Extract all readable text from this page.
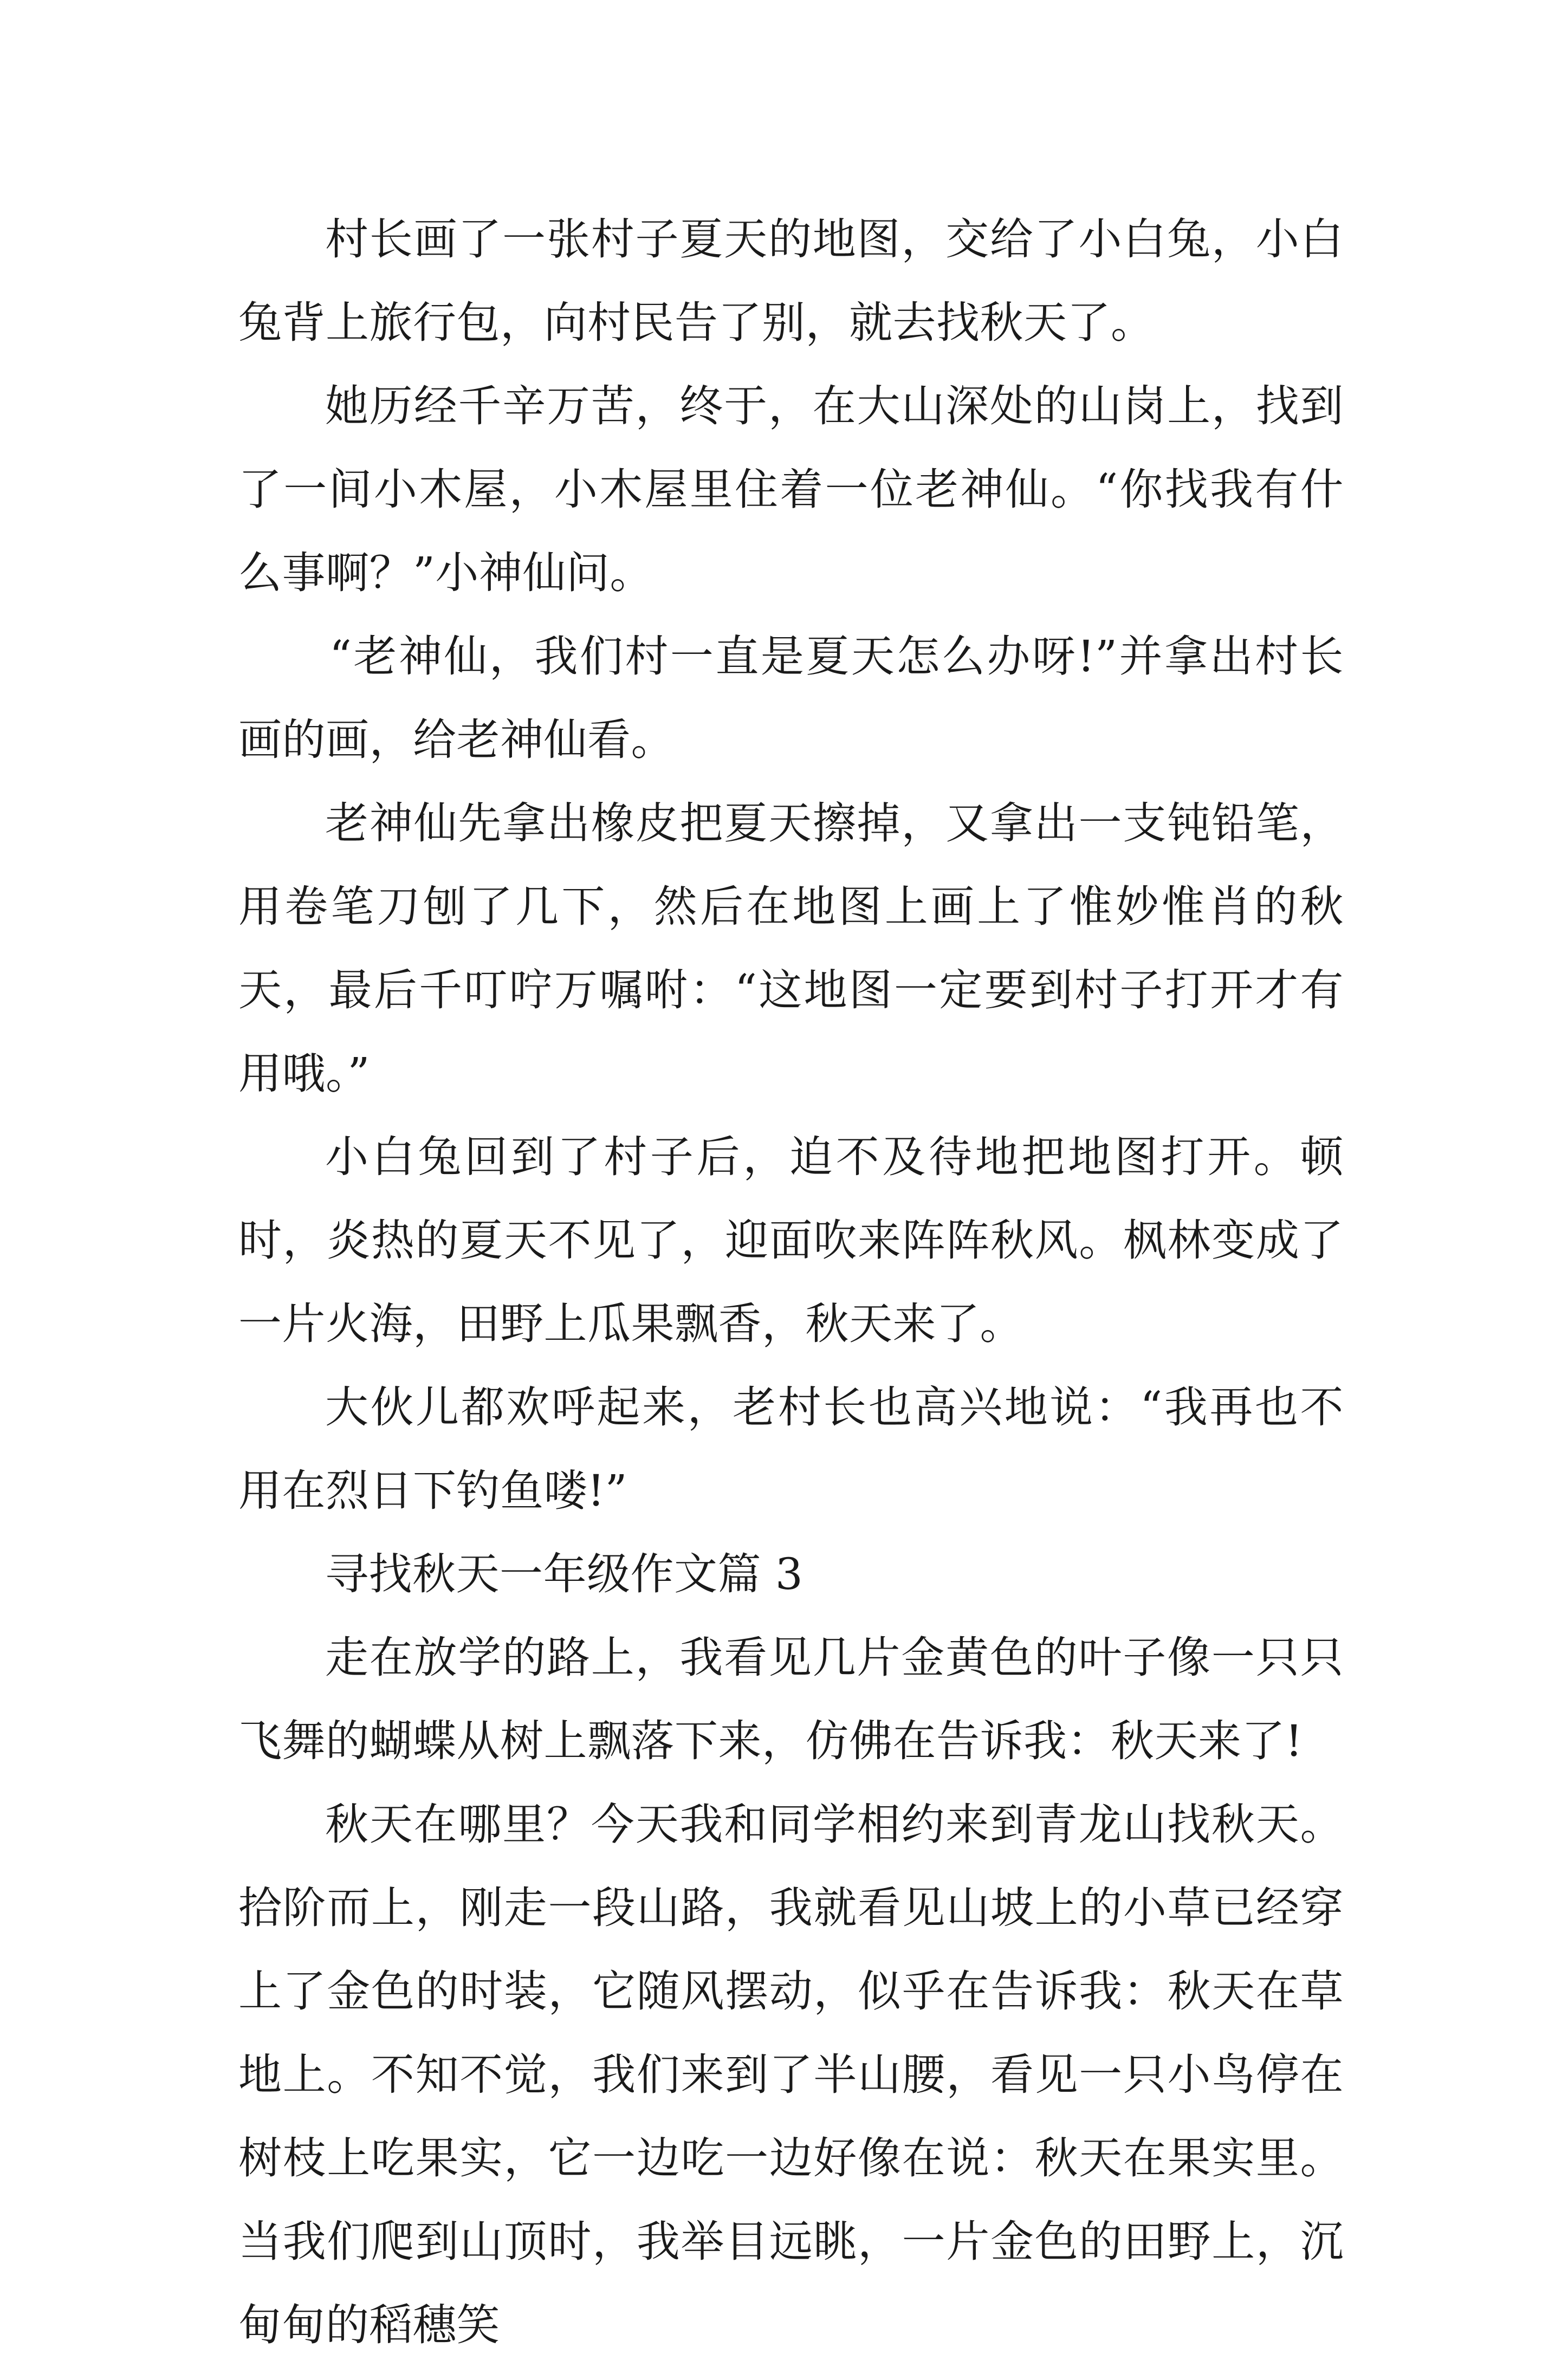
村长画了一张村子夏天的地图，交给了小白兔，小白兔背上旅行包，向村民告了别，就去找秋天了。

她历经千辛万苦，终于，在大山深处的山岗上，找到了一间小木屋，小木屋里住着一位老神仙。“你找我有什么事啊？”小神仙问。

“老神仙，我们村一直是夏天怎么办呀!”并拿出村长画的画，给老神仙看。

老神仙先拿出橡皮把夏天擦掉，又拿出一支钝铅笔，用卷笔刀刨了几下，然后在地图上画上了惟妙惟肖的秋天，最后千叮咛万嘱咐：“这地图一定要到村子打开才有用哦。”

小白兔回到了村子后，迫不及待地把地图打开。顿时，炎热的夏天不见了，迎面吹来阵阵秋风。枫林变成了一片火海，田野上瓜果飘香，秋天来了。

大伙儿都欢呼起来，老村长也高兴地说：“我再也不用在烈日下钓鱼喽!”

寻找秋天一年级作文篇 3

走在放学的路上，我看见几片金黄色的叶子像一只只飞舞的蝴蝶从树上飘落下来，仿佛在告诉我：秋天来了!

秋天在哪里？今天我和同学相约来到青龙山找秋天。拾阶而上，刚走一段山路，我就看见山坡上的小草已经穿上了金色的时装，它随风摆动，似乎在告诉我：秋天在草地上。不知不觉，我们来到了半山腰，看见一只小鸟停在树枝上吃果实，它一边吃一边好像在说：秋天在果实里。当我们爬到山顶时，我举目远眺，一片金色的田野上，沉甸甸的稻穗笑
